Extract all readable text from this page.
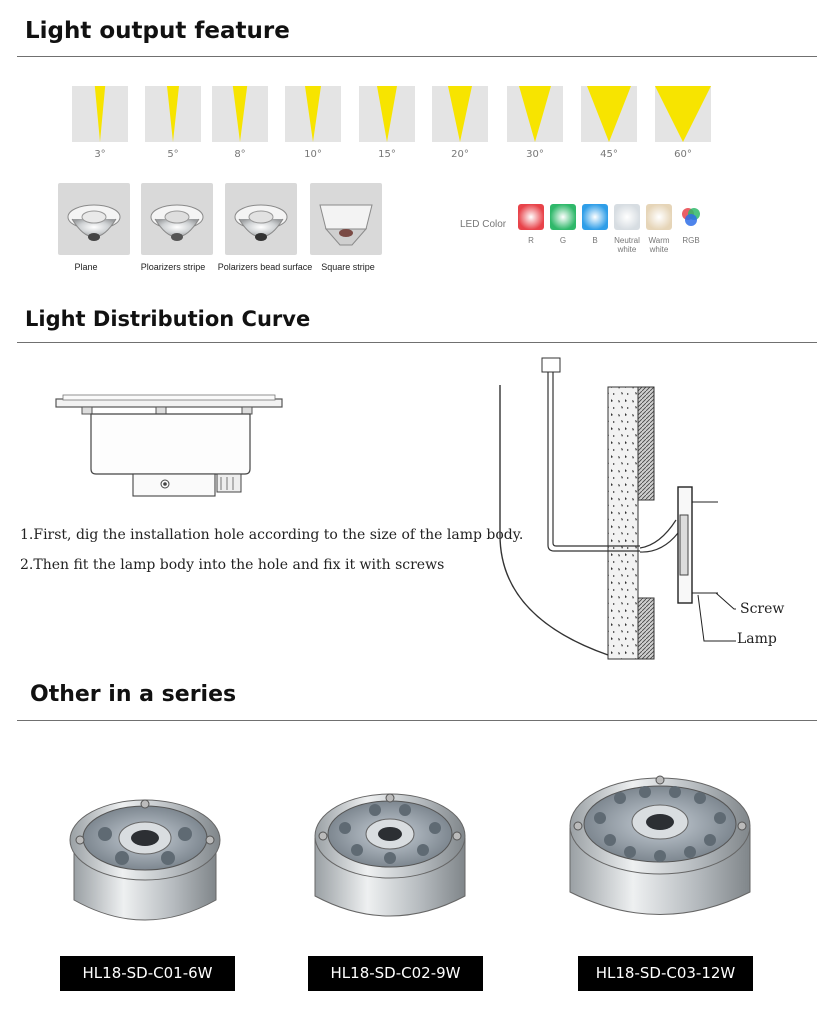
Light output feature
3°	5°	8°	10°	15°	20°	30°	45°	60°
Plane	Ploarizers stripe	Polarizers bead surface Square stripe
LED Color
R	G	B	Neutral white
Warm white
RGB
Light Distribution Curve
1.First, dig the installation hole according to the size of the lamp body.
2.Then fit the lamp body into the hole and fix it with screws
Screw
Lamp
Other in a series
HL18-SD-C01-6W	HL18-SD-C02-9W	HL18-SD-C03-12W
